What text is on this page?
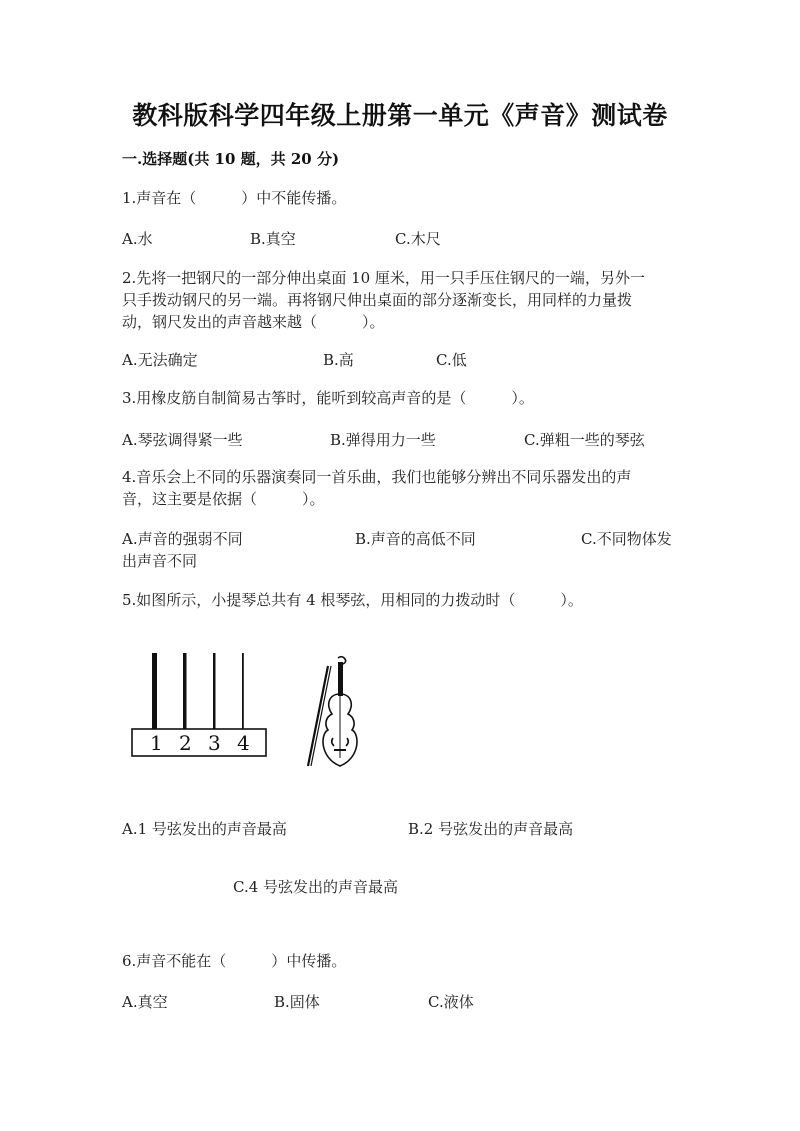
教科版科学四年级上册第一单元《声音》测试卷
一.选择题(共 10 题，共 20 分)
1.声音在（　　　）中不能传播。
A.水	B.真空	C.木尺
2.先将一把钢尺的一部分伸出桌面 10 厘米，用一只手压住钢尺的一端，另外一
只手拨动钢尺的另一端。再将钢尺伸出桌面的部分逐渐变长，用同样的力量拨
动，钢尺发出的声音越来越（　　　）。
A.无法确定	B.高	C.低
3.用橡皮筋自制简易古筝时，能听到较高声音的是（　　　）。
A.琴弦调得紧一些	B.弹得用力一些	C.弹粗一些的琴弦
4.音乐会上不同的乐器演奏同一首乐曲，我们也能够分辨出不同乐器发出的声
音，这主要是依据（　　　）。
A.声音的强弱不同	B.声音的高低不同	C.不同物体发
出声音不同
5.如图所示，小提琴总共有 4 根琴弦，用相同的力拨动时（　　　）。
1 2 3 4
A.1 号弦发出的声音最高	B.2 号弦发出的声音最高
C.4 号弦发出的声音最高
6.声音不能在（　　　）中传播。
A.真空	B.固体	C.液体
